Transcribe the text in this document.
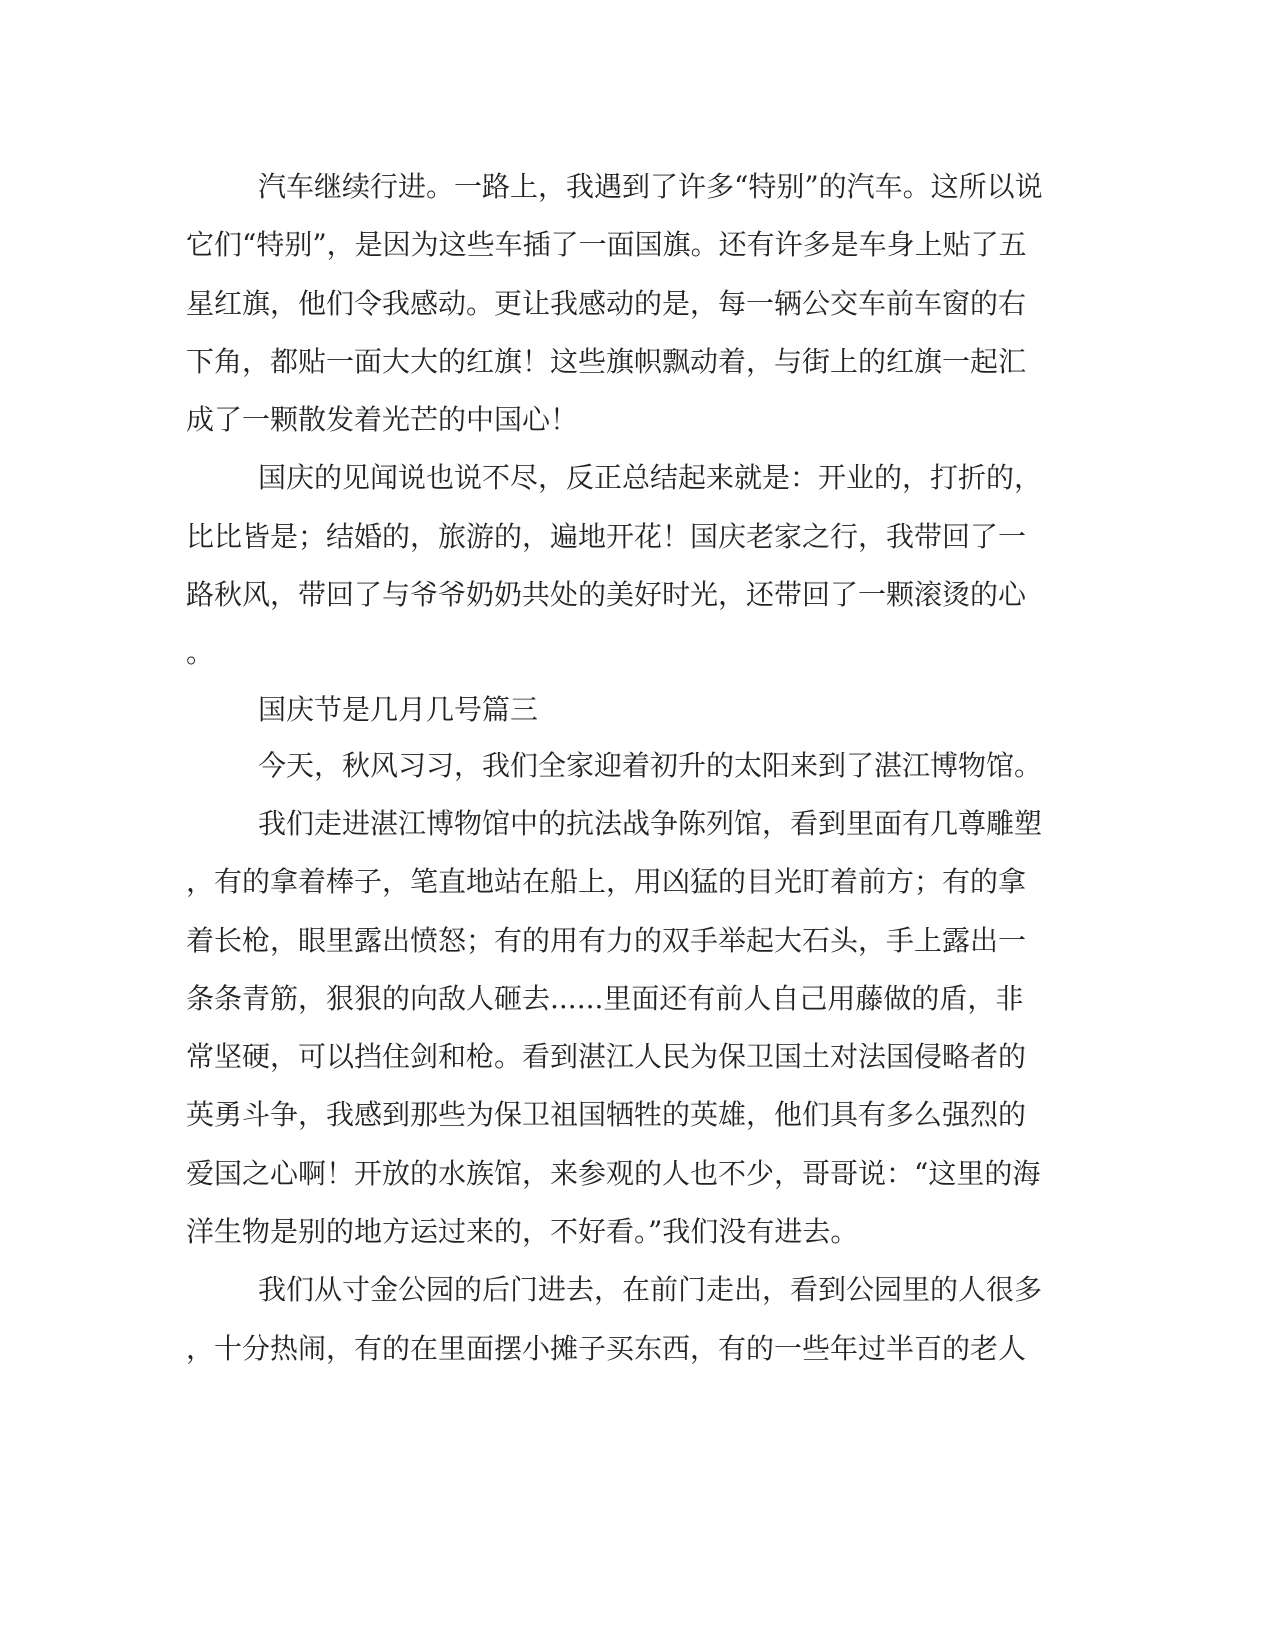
汽车继续行进。一路上，我遇到了许多“特别”的汽车。这所以说
它们“特别”，是因为这些车插了一面国旗。还有许多是车身上贴了五
星红旗，他们令我感动。更让我感动的是，每一辆公交车前车窗的右
下角，都贴一面大大的红旗！这些旗帜飘动着，与街上的红旗一起汇
成了一颗散发着光芒的中国心！
国庆的见闻说也说不尽，反正总结起来就是：开业的，打折的，
比比皆是；结婚的，旅游的，遍地开花！国庆老家之行，我带回了一
路秋风，带回了与爷爷奶奶共处的美好时光，还带回了一颗滚烫的心
。
国庆节是几月几号篇三
今天，秋风习习，我们全家迎着初升的太阳来到了湛江博物馆。
我们走进湛江博物馆中的抗法战争陈列馆，看到里面有几尊雕塑
，有的拿着棒子，笔直地站在船上，用凶猛的目光盯着前方；有的拿
着长枪，眼里露出愤怒；有的用有力的双手举起大石头，手上露出一
条条青筋，狠狠的向敌人砸去......里面还有前人自己用藤做的盾，非
常坚硬，可以挡住剑和枪。看到湛江人民为保卫国土对法国侵略者的
英勇斗争，我感到那些为保卫祖国牺牲的英雄，他们具有多么强烈的
爱国之心啊！开放的水族馆，来参观的人也不少，哥哥说：“这里的海
洋生物是别的地方运过来的，不好看。”我们没有进去。
我们从寸金公园的后门进去，在前门走出，看到公园里的人很多
，十分热闹，有的在里面摆小摊子买东西，有的一些年过半百的老人
